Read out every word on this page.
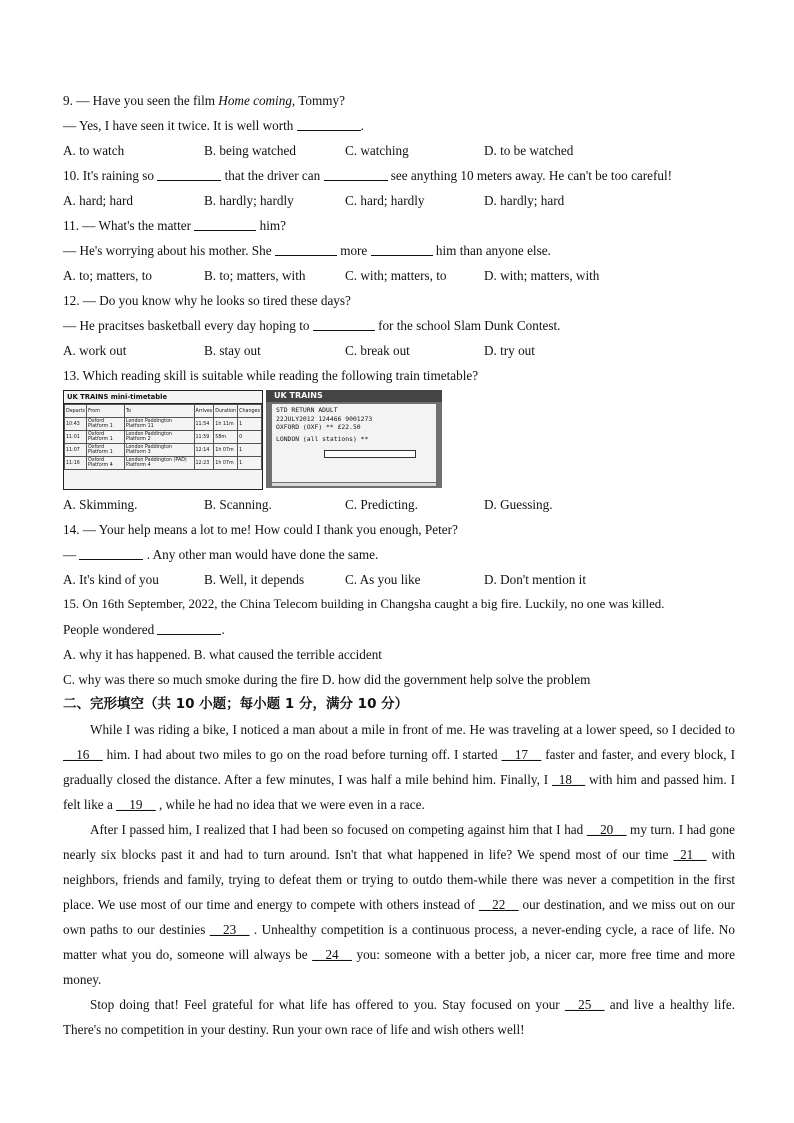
9. — Have you seen the film Home coming, Tommy?
— Yes, I have seen it twice. It is well worth	.
A. to watch	B. being watched	C. watching	D. to be watched
10. It's raining so	that the driver can	see anything 10 meters away. He can't be too careful!
A. hard; hard	B. hardly; hardly	C. hard; hardly	D. hardly; hard
11. — What's the matter	him?
— He's worrying about his mother. She	more	him than anyone else.
A. to; matters, to	B. to; matters, with	C. with; matters, to	D. with; matters, with
12. — Do you know why he looks so tired these days?
— He pracitses basketball every day hoping to	for the school Slam Dunk Contest.
A. work out	B. stay out	C. break out	D. try out
13. Which reading skill is suitable while reading the following train timetable?
UK TRAINS mini-timetable
Departs	From	To	Arrives	Duration	Changes
10:43	Oxford Platform 1	London Paddington Platform 11	11:54	1h 11m	1
11:01	Oxford Platform 1	London Paddington Platform 2	11:59	58m	0
11:07	Oxford Platform 1	London Paddington Platform 3	12:14	1h 07m	1
11:16	Oxford Platform 4	London Paddington (PAD) Platform 4	12:23	1h 07m	1
UK TRAINS
STD RETURN ADULT
22JULY2012 124466 9001273
OXFORD (OXF) ** £22.50
LONDON (all stations) **
A. Skimming.	B. Scanning.	C. Predicting.	D. Guessing.
14. — Your help means a lot to me! How could I thank you enough, Peter?
—	. Any other man would have done the same.
A. It's kind of you	B. Well, it depends	C. As you like	D. Don't mention it
15. On 16th September, 2022, the China Telecom building in Changsha caught a big fire. Luckily, no one was killed.
People wondered	.
A. why it has happened. B. what caused the terrible accident
C. why was there so much smoke during the fire D. how did the government help solve the problem
二、完形填空（共 10 小题；每小题 1 分，满分 10 分）
While I was riding a bike, I noticed a man about a mile in front of me. He was traveling at a lower speed, so I decided to __16__ him. I had about two miles to go on the road before turning off. I started __17__ faster and faster, and every block, I gradually closed the distance. After a few minutes, I was half a mile behind him. Finally, I _18__ with him and passed him. I felt like a __19__ , while he had no idea that we were even in a race.
After I passed him, I realized that I had been so focused on competing against him that I had __20__ my turn. I had gone nearly six blocks past it and had to turn around. Isn't that what happened in life? We spend most of our time _21__ with neighbors, friends and family, trying to defeat them or trying to outdo them-while there was never a competition in the first place. We use most of our time and energy to compete with others instead of __22__ our destination, and we miss out on our own paths to our destinies __23__ . Unhealthy competition is a continuous process, a never-ending cycle, a race of life. No matter what you do, someone will always be __24__ you: someone with a better job, a nicer car, more free time and more money.
Stop doing that! Feel grateful for what life has offered to you. Stay focused on your __25__ and live a healthy life. There's no competition in your destiny. Run your own race of life and wish others well!
